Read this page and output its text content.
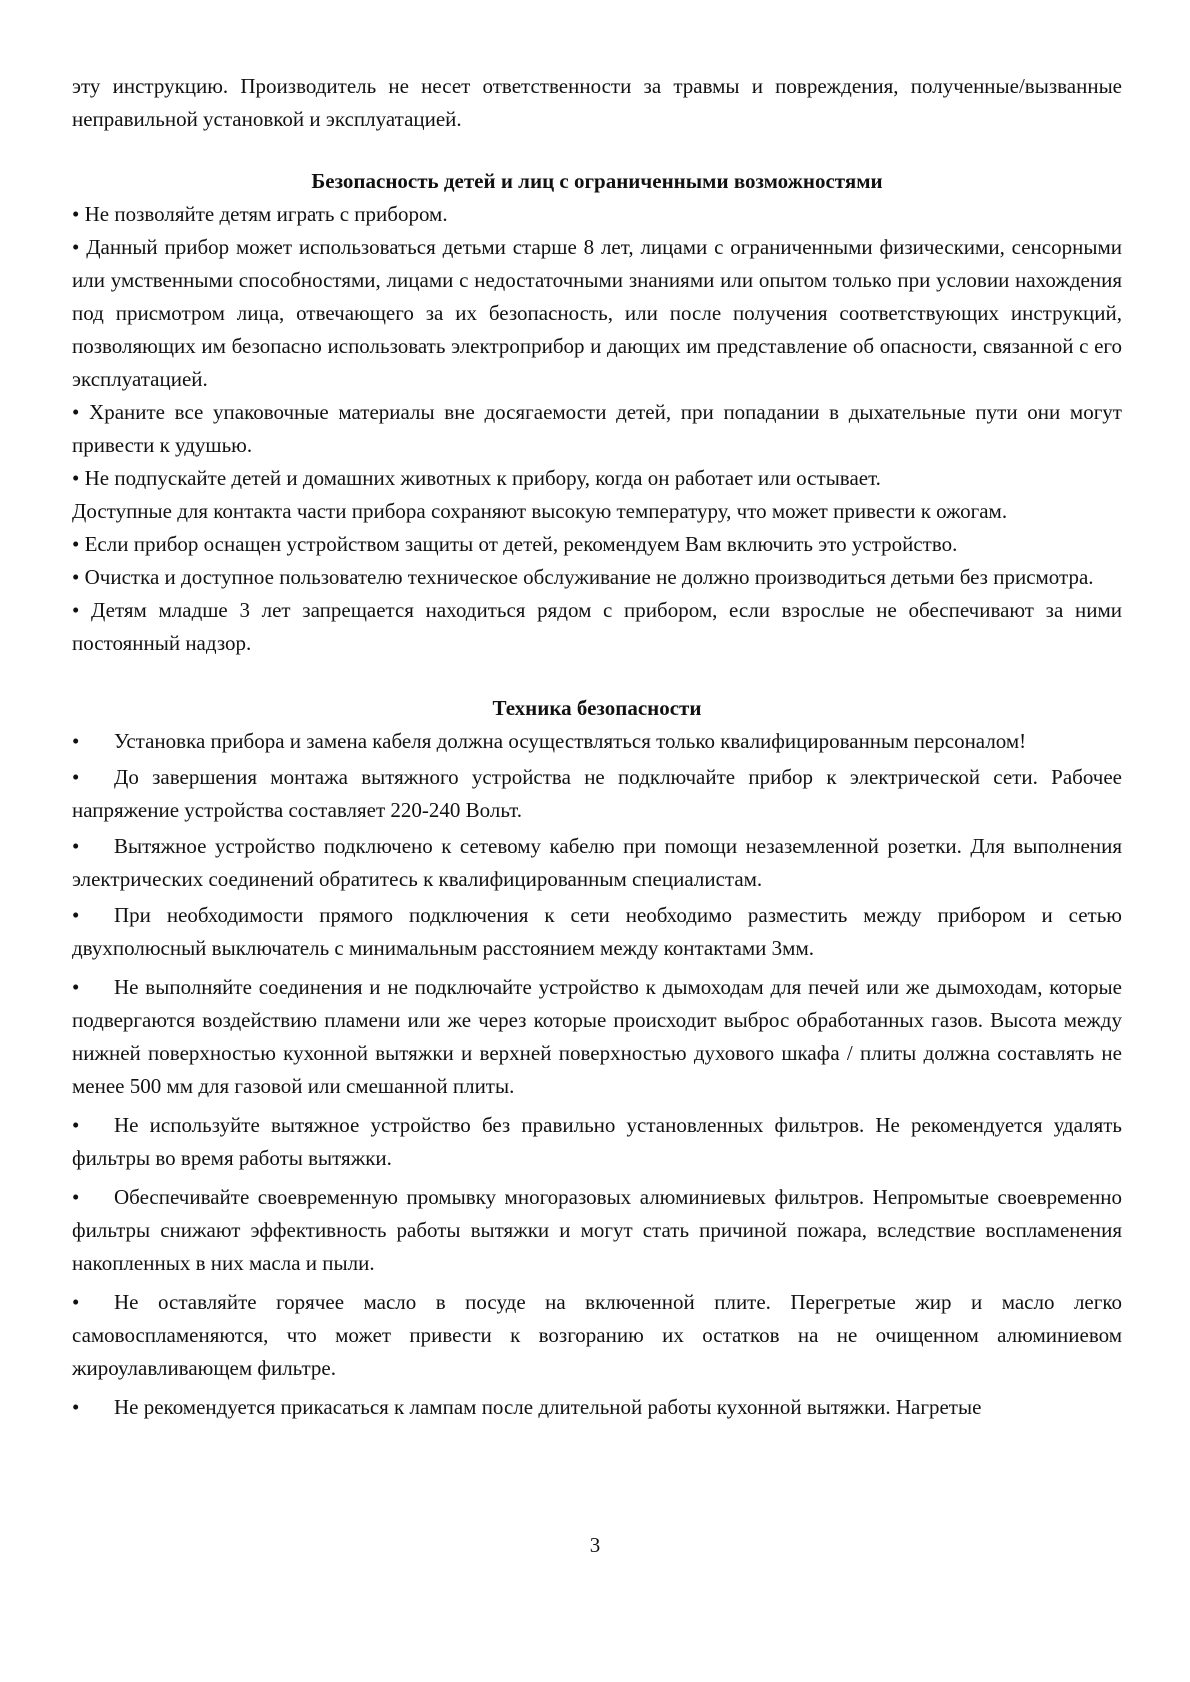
эту инструкцию. Производитель не несет ответственности за травмы и повреждения, полученные/вызванные неправильной установкой и эксплуатацией.

Безопасность детей и лиц с ограниченными возможностями

• Не позволяйте детям играть с прибором.

• Данный прибор может использоваться детьми старше 8 лет, лицами с ограниченными физическими, сенсорными или умственными способностями, лицами с недостаточными знаниями или опытом только при условии нахождения под присмотром лица, отвечающего за их безопасность, или после получения соответствующих инструкций, позволяющих им безопасно использовать электроприбор и дающих им представление об опасности, связанной с его эксплуатацией.

• Храните все упаковочные материалы вне досягаемости детей, при попадании в дыхательные пути они могут привести к удушью.

• Не подпускайте детей и домашних животных к прибору, когда он работает или остывает.

Доступные для контакта части прибора сохраняют высокую температуру, что может привести к ожогам.

• Если прибор оснащен устройством защиты от детей, рекомендуем Вам включить это устройство.

• Очистка и доступное пользователю техническое обслуживание не должно производиться детьми без присмотра.

• Детям младше 3 лет запрещается находиться рядом с прибором, если взрослые не обеспечивают за ними постоянный надзор.

Техника безопасности

• Установка прибора и замена кабеля должна осуществляться только квалифицированным персоналом!

• До завершения монтажа вытяжного устройства не подключайте прибор к электрической сети. Рабочее напряжение устройства составляет 220-240 Вольт.

• Вытяжное устройство подключено к сетевому кабелю при помощи незаземленной розетки. Для выполнения электрических соединений обратитесь к квалифицированным специалистам.

• При необходимости прямого подключения к сети необходимо разместить между прибором и сетью двухполюсный выключатель с минимальным расстоянием между контактами 3мм.

• Не выполняйте соединения и не подключайте устройство к дымоходам для печей или же дымоходам, которые подвергаются воздействию пламени или же через которые происходит выброс обработанных газов. Высота между нижней поверхностью кухонной вытяжки и верхней поверхностью духового шкафа / плиты должна составлять не менее 500 мм для газовой или смешанной плиты.

• Не используйте вытяжное устройство без правильно установленных фильтров. Не рекомендуется удалять фильтры во время работы вытяжки.

• Обеспечивайте своевременную промывку многоразовых алюминиевых фильтров. Непромытые своевременно фильтры снижают эффективность работы вытяжки и могут стать причиной пожара, вследствие воспламенения накопленных в них масла и пыли.

• Не оставляйте горячее масло в посуде на включенной плите. Перегретые жир и масло легко самовоспламеняются, что может привести к возгоранию их остатков на не очищенном алюминиевом жироулавливающем фильтре.

• Не рекомендуется прикасаться к лампам после длительной работы кухонной вытяжки. Нагретые

3
